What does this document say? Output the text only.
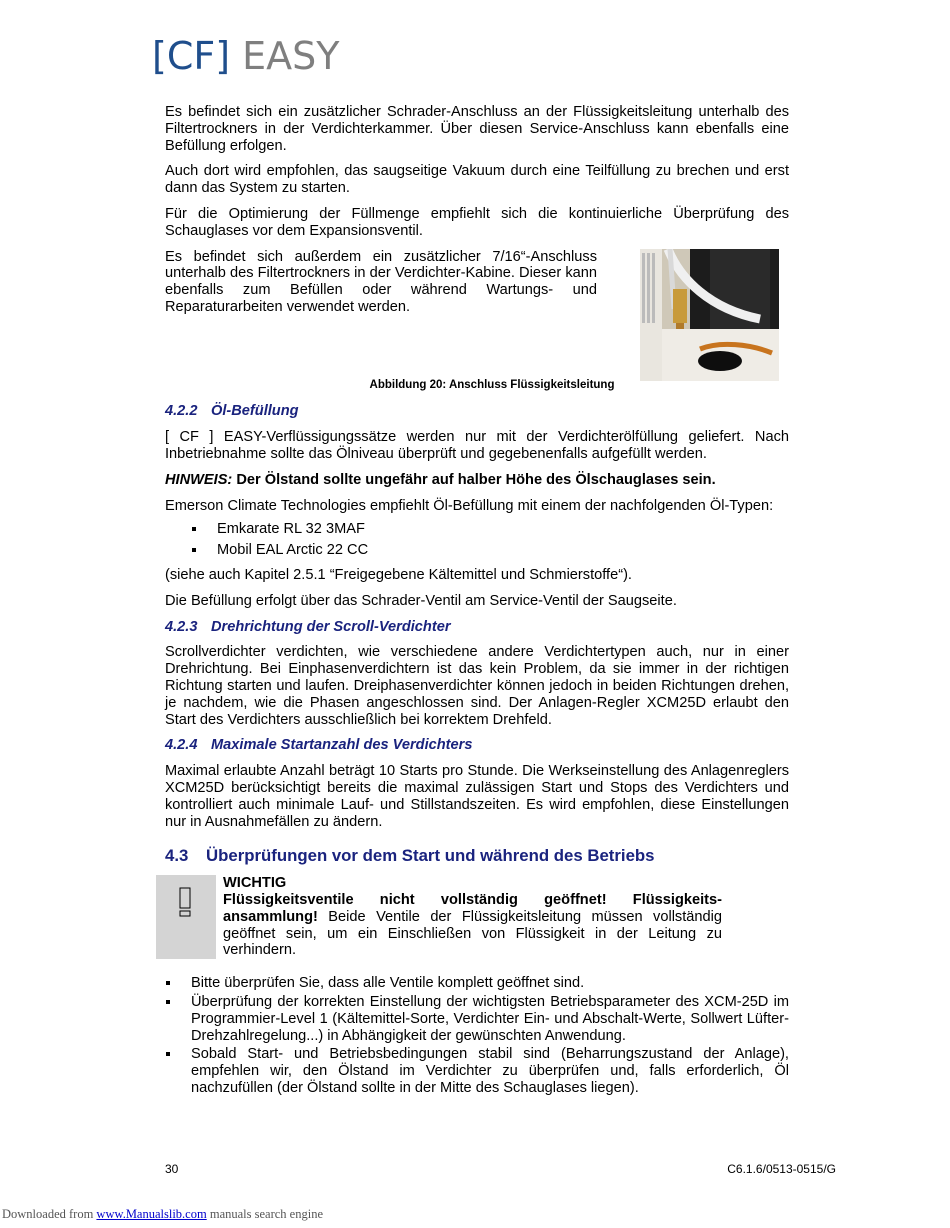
[CF] EASY

Es befindet sich ein zusätzlicher Schrader-Anschluss an der Flüssigkeitsleitung unterhalb des Filtertrockners in der Verdichterkammer. Über diesen Service-Anschluss kann ebenfalls eine Befüllung erfolgen.

Auch dort wird empfohlen, das saugseitige Vakuum durch eine Teilfüllung zu brechen und erst dann das System zu starten.

Für die Optimierung der Füllmenge empfiehlt sich die kontinuierliche Überprüfung des Schauglases vor dem Expansionsventil.

Es befindet sich außerdem ein zusätzlicher 7/16“-Anschluss unterhalb des Filtertrockners in der Verdichter-Kabine. Dieser kann ebenfalls zum Befüllen oder während Wartungs- und Reparaturarbeiten verwendet werden.

Abbildung 20: Anschluss Flüssigkeitsleitung
4.2.2 Öl-Befüllung

[ CF ] EASY-Verflüssigungssätze werden nur mit der Verdichterölfüllung geliefert. Nach Inbetriebnahme sollte das Ölniveau überprüft und gegebenenfalls aufgefüllt werden.

HINWEIS: Der Ölstand sollte ungefähr auf halber Höhe des Ölschauglases sein.

Emerson Climate Technologies empfiehlt Öl-Befüllung mit einem der nachfolgenden Öl-Typen:

Emkarate RL 32 3MAF
Mobil EAL Arctic 22 CC

(siehe auch Kapitel 2.5.1 “Freigegebene Kältemittel und Schmierstoffe“).

Die Befüllung erfolgt über das Schrader-Ventil am Service-Ventil der Saugseite.

4.2.3 Drehrichtung der Scroll-Verdichter

Scrollverdichter verdichten, wie verschiedene andere Verdichtertypen auch, nur in einer Drehrichtung. Bei Einphasenverdichtern ist das kein Problem, da sie immer in der richtigen Richtung starten und laufen. Dreiphasenverdichter können jedoch in beiden Richtungen drehen, je nachdem, wie die Phasen angeschlossen sind. Der Anlagen-Regler XCM25D erlaubt den Start des Verdichters ausschließlich bei korrektem Drehfeld.

4.2.4 Maximale Startanzahl des Verdichters

Maximal erlaubte Anzahl beträgt 10 Starts pro Stunde. Die Werkseinstellung des Anlagenreglers XCM25D berücksichtigt bereits die maximal zulässigen Start und Stops des Verdichters und kontrolliert auch minimale Lauf- und Stillstandszeiten. Es wird empfohlen, diese Einstellungen nur in Ausnahmefällen zu ändern.

4.3 Überprüfungen vor dem Start und während des Betriebs
WICHTIG

Flüssigkeitsventile nicht vollständig geöffnet! Flüssigkeits-ansammlung! Beide Ventile der Flüssigkeitsleitung müssen vollständig geöffnet sein, um ein Einschließen von Flüssigkeit in der Leitung zu verhindern.

Bitte überprüfen Sie, dass alle Ventile komplett geöffnet sind.
Überprüfung der korrekten Einstellung der wichtigsten Betriebsparameter des XCM-25D im Programmier-Level 1 (Kältemittel-Sorte, Verdichter Ein- und Abschalt-Werte, Sollwert Lüfter-Drehzahlregelung...) in Abhängigkeit der gewünschten Anwendung.
Sobald Start- und Betriebsbedingungen stabil sind (Beharrungszustand der Anlage), empfehlen wir, den Ölstand im Verdichter zu überprüfen und, falls erforderlich, Öl nachzufüllen (der Ölstand sollte in der Mitte des Schauglases liegen).
30	C6.1.6/0513-0515/G
Downloaded from www.Manualslib.com manuals search engine
